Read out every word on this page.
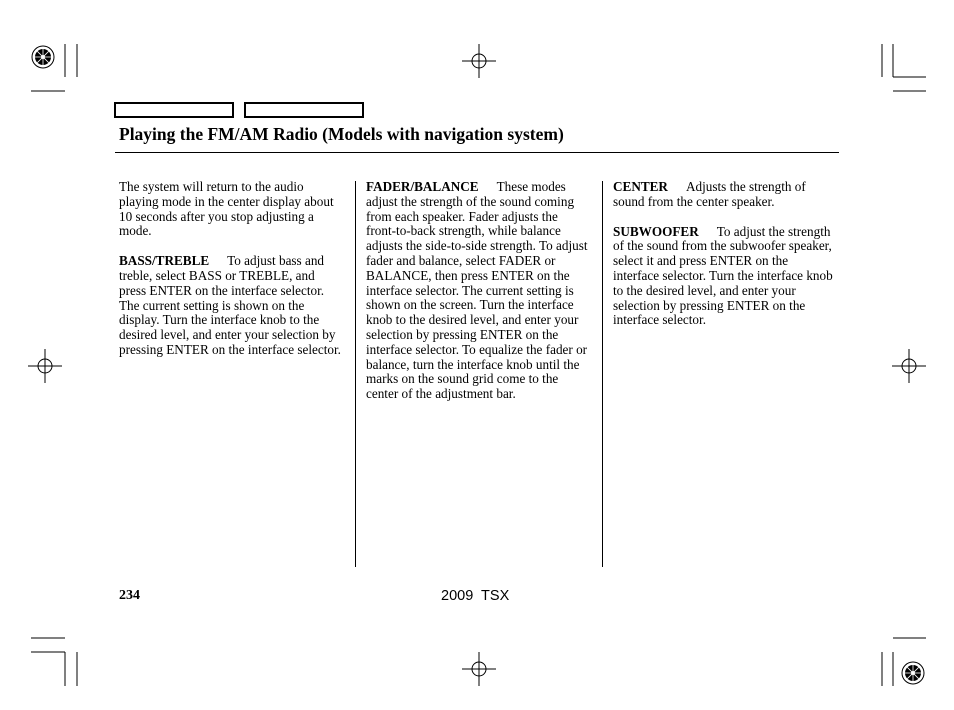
Playing the FM/AM Radio (Models with navigation system)

The system will return to the audio playing mode in the center display about 10 seconds after you stop adjusting a mode.

BASS/TREBLE To adjust bass and treble, select BASS or TREBLE, and press ENTER on the interface selector. The current setting is shown on the display. Turn the interface knob to the desired level, and enter your selection by pressing ENTER on the interface selector.

FADER/BALANCE These modes adjust the strength of the sound coming from each speaker. Fader adjusts the front-to-back strength, while balance adjusts the side-to-side strength. To adjust fader and balance, select FADER or BALANCE, then press ENTER on the interface selector. The current setting is shown on the screen. Turn the interface knob to the desired level, and enter your selection by pressing ENTER on the interface selector. To equalize the fader or balance, turn the interface knob until the marks on the sound grid come to the center of the adjustment bar.

CENTER Adjusts the strength of sound from the center speaker.

SUBWOOFER To adjust the strength of the sound from the subwoofer speaker, select it and press ENTER on the interface selector. Turn the interface knob to the desired level, and enter your selection by pressing ENTER on the interface selector.

234	2009  TSX
